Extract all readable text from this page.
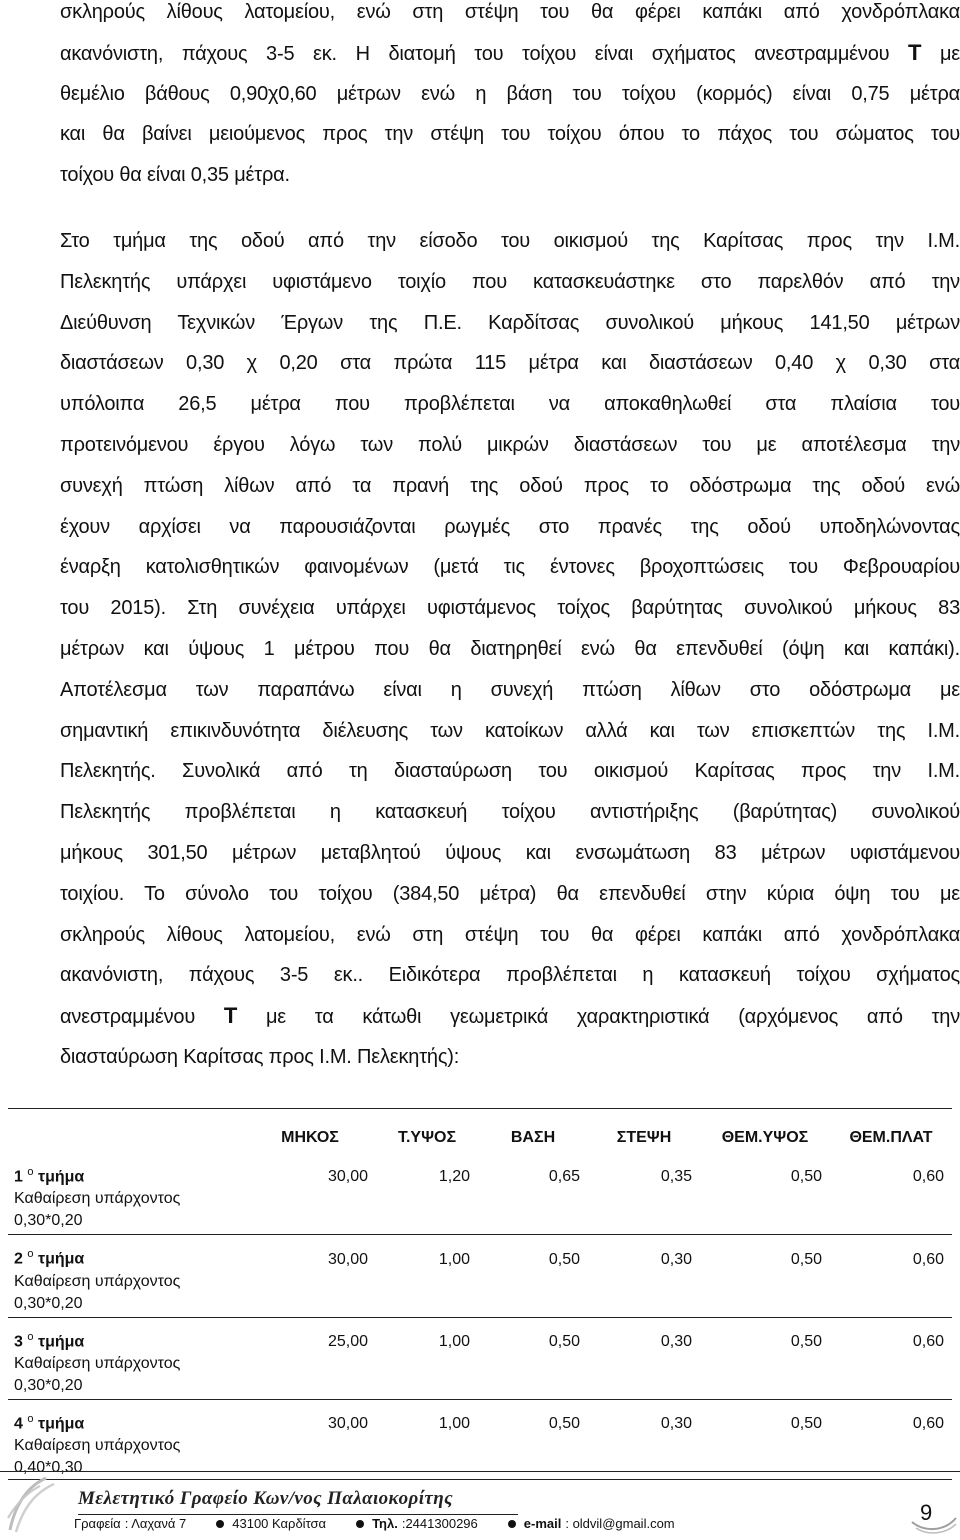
σκληρούς λίθους λατομείου, ενώ στη στέψη του θα φέρει καπάκι από χονδρόπλακα
ακανόνιστη, πάχους 3-5 εκ. Η διατομή του τοίχου είναι σχήματος ανεστραμμένου Τ με
θεμέλιο βάθους 0,90χ0,60 μέτρων ενώ η βάση του τοίχου (κορμός) είναι 0,75 μέτρα
και θα βαίνει μειούμενος προς την στέψη του τοίχου όπου το πάχος του σώματος του
τοίχου θα είναι 0,35 μέτρα.
Στο τμήμα της οδού από την είσοδο του οικισμού της Καρίτσας προς την Ι.Μ.
Πελεκητής υπάρχει υφιστάμενο τοιχίο που κατασκευάστηκε στο παρελθόν από την
Διεύθυνση Τεχνικών Έργων της Π.Ε. Καρδίτσας συνολικού μήκους 141,50 μέτρων
διαστάσεων 0,30 χ 0,20 στα πρώτα 115 μέτρα και διαστάσεων 0,40 χ 0,30 στα
υπόλοιπα 26,5 μέτρα που προβλέπεται να αποκαθηλωθεί στα πλαίσια του
προτεινόμενου έργου λόγω των πολύ μικρών διαστάσεων του με αποτέλεσμα την
συνεχή πτώση λίθων από τα πρανή της οδού προς το οδόστρωμα της οδού ενώ
έχουν αρχίσει να παρουσιάζονται ρωγμές στο πρανές της οδού υποδηλώνοντας
έναρξη κατολισθητικών φαινομένων (μετά τις έντονες βροχοπτώσεις του Φεβρουαρίου
του 2015). Στη συνέχεια υπάρχει υφιστάμενος τοίχος βαρύτητας συνολικού μήκους 83
μέτρων και ύψους 1 μέτρου που θα διατηρηθεί ενώ θα επενδυθεί (όψη και καπάκι).
Αποτέλεσμα των παραπάνω είναι η συνεχή πτώση λίθων στο οδόστρωμα με
σημαντική επικινδυνότητα διέλευσης των κατοίκων αλλά και των επισκεπτών της Ι.Μ.
Πελεκητής. Συνολικά από τη διασταύρωση του οικισμού Καρίτσας προς την Ι.Μ.
Πελεκητής προβλέπεται η κατασκευή τοίχου αντιστήριξης (βαρύτητας) συνολικού
μήκους 301,50 μέτρων μεταβλητού ύψους και ενσωμάτωση 83 μέτρων υφιστάμενου
τοιχίου. Το σύνολο του τοίχου (384,50 μέτρα) θα επενδυθεί στην κύρια όψη του με
σκληρούς λίθους λατομείου, ενώ στη στέψη του θα φέρει καπάκι από χονδρόπλακα
ακανόνιστη, πάχους 3-5 εκ.. Ειδικότερα προβλέπεται η κατασκευή τοίχου σχήματος
ανεστραμμένου Τ με τα κάτωθι γεωμετρικά χαρακτηριστικά (αρχόμενος από την
διασταύρωση Καρίτσας προς Ι.Μ. Πελεκητής):
	ΜΗΚΟΣ	Τ.ΥΨΟΣ	ΒΑΣΗ	ΣΤΕΨΗ	ΘΕΜ.ΥΨΟΣ	ΘΕΜ.ΠΛΑΤ
1 $^o$ τμήμα	30,00	1,20	0,65	0,35	0,50	0,60
Καθαίρεση υπάρχοντος						
0,30*0,20						
2 $^o$ τμήμα	30,00	1,00	0,50	0,30	0,50	0,60
Καθαίρεση υπάρχοντος						
0,30*0,20						
3 $^o$ τμήμα	25,00	1,00	0,50	0,30	0,50	0,60
Καθαίρεση υπάρχοντος						
0,30*0,20						
4 $^o$ τμήμα	30,00	1,00	0,50	0,30	0,50	0,60
Καθαίρεση υπάρχοντος						
0,40*0,30						
Μελετητικό Γραφείο Κων/νος Παλαιοκορίτης
Γραφεία : Λαχανά 7	43100 Καρδίτσα	Τηλ. :2441300296	e-mail : oldvil@gmail.com	9
